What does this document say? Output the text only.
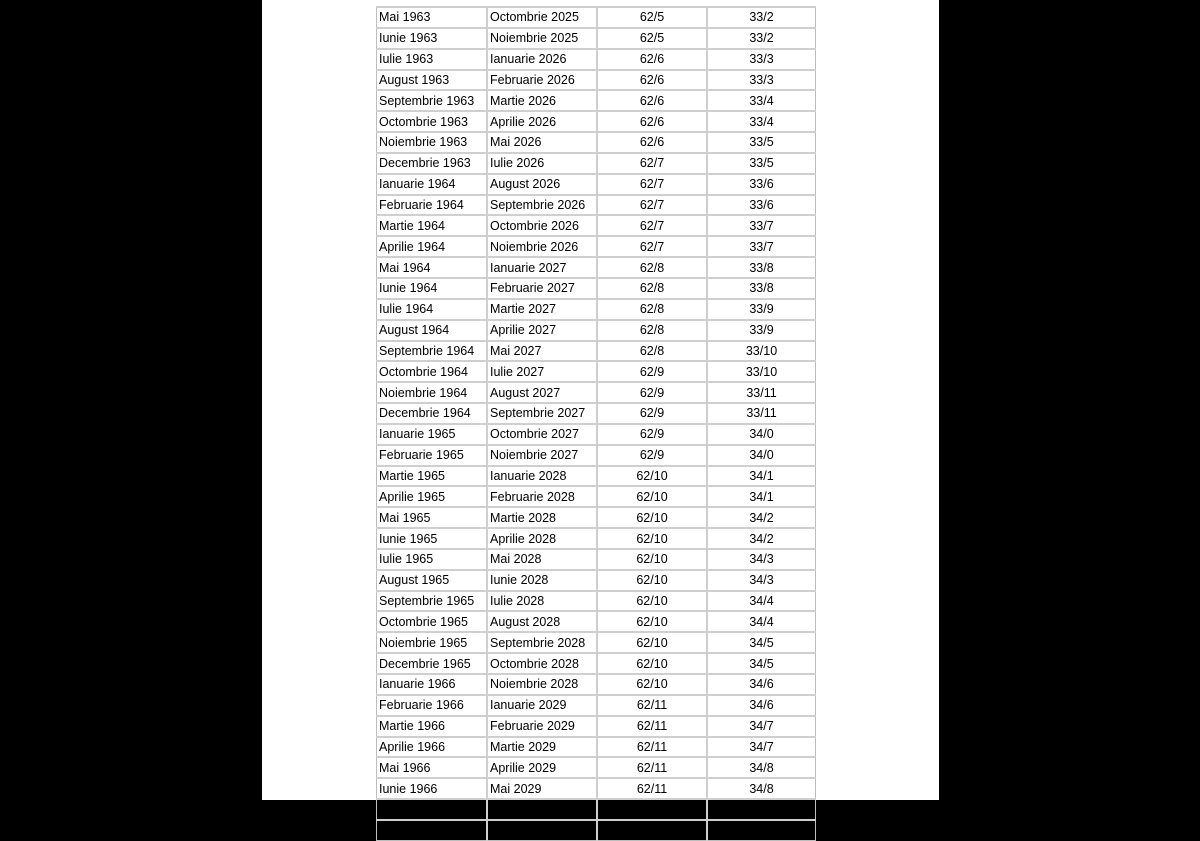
Mai 1963	Octombrie 2025	62/5	33/2
Iunie 1963	Noiembrie 2025	62/5	33/2
Iulie 1963	Ianuarie 2026	62/6	33/3
August 1963	Februarie 2026	62/6	33/3
Septembrie 1963	Martie 2026	62/6	33/4
Octombrie 1963	Aprilie 2026	62/6	33/4
Noiembrie 1963	Mai 2026	62/6	33/5
Decembrie 1963	Iulie 2026	62/7	33/5
Ianuarie 1964	August 2026	62/7	33/6
Februarie 1964	Septembrie 2026	62/7	33/6
Martie 1964	Octombrie 2026	62/7	33/7
Aprilie 1964	Noiembrie 2026	62/7	33/7
Mai 1964	Ianuarie 2027	62/8	33/8
Iunie 1964	Februarie 2027	62/8	33/8
Iulie 1964	Martie 2027	62/8	33/9
August 1964	Aprilie 2027	62/8	33/9
Septembrie 1964	Mai 2027	62/8	33/10
Octombrie 1964	Iulie 2027	62/9	33/10
Noiembrie 1964	August 2027	62/9	33/11
Decembrie 1964	Septembrie 2027	62/9	33/11
Ianuarie 1965	Octombrie 2027	62/9	34/0
Februarie 1965	Noiembrie 2027	62/9	34/0
Martie 1965	Ianuarie 2028	62/10	34/1
Aprilie 1965	Februarie 2028	62/10	34/1
Mai 1965	Martie 2028	62/10	34/2
Iunie 1965	Aprilie 2028	62/10	34/2
Iulie 1965	Mai 2028	62/10	34/3
August 1965	Iunie 2028	62/10	34/3
Septembrie 1965	Iulie 2028	62/10	34/4
Octombrie 1965	August 2028	62/10	34/4
Noiembrie 1965	Septembrie 2028	62/10	34/5
Decembrie 1965	Octombrie 2028	62/10	34/5
Ianuarie 1966	Noiembrie 2028	62/10	34/6
Februarie 1966	Ianuarie 2029	62/11	34/6
Martie 1966	Februarie 2029	62/11	34/7
Aprilie 1966	Martie 2029	62/11	34/7
Mai 1966	Aprilie 2029	62/11	34/8
Iunie 1966	Mai 2029	62/11	34/8
Iulie 1966	Iunie 2029	62/11	34/9
August 1966	Iulie 2029	62/11	34/9
